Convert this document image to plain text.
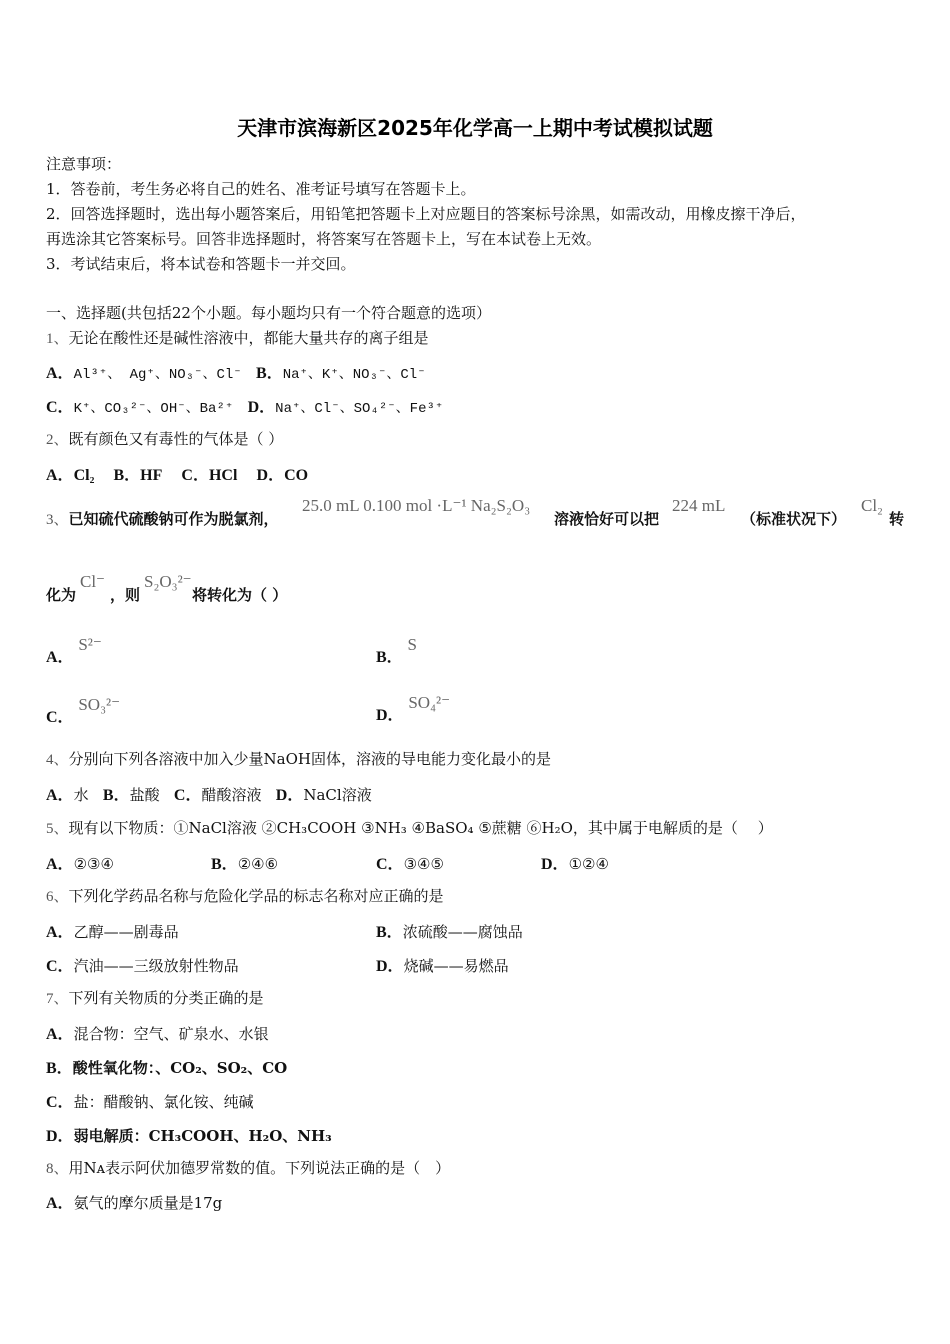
天津市滨海新区2025年化学高一上期中考试模拟试题
注意事项：
1．答卷前，考生务必将自己的姓名、准考证号填写在答题卡上。
2．回答选择题时，选出每小题答案后，用铅笔把答题卡上对应题目的答案标号涂黑，如需改动，用橡皮擦干净后，
再选涂其它答案标号。回答非选择题时，将答案写在答题卡上，写在本试卷上无效。
3．考试结束后，将本试卷和答题卡一并交回。
一、选择题(共包括22个小题。每小题均只有一个符合题意的选项）
1、无论在酸性还是碱性溶液中，都能大量共存的离子组是
A．Al³⁺、 Ag⁺、NO₃⁻、Cl⁻ B．Na⁺、K⁺、NO₃⁻、Cl⁻
C．K⁺、CO₃²⁻、OH⁻、Ba²⁺ D．Na⁺、Cl⁻、SO₄²⁻、Fe³⁺
2、既有颜色又有毒性的气体是（ ）
A．Cl₂ B．HF C．HCl D．CO
3、已知硫代硫酸钠可作为脱氯剂，
25.0 mL 0.100 mol ·L⁻¹ Na₂S₂O₃
溶液恰好可以把
224 mL
（标准状况下）
Cl₂
转
化为
Cl⁻
，则
S₂O₃²⁻
将转化为（ ）
A． S²⁻
B． S
C． SO₃²⁻
D． SO₄²⁻
4、分别向下列各溶液中加入少量NaOH固体，溶液的导电能力变化最小的是
A．水 B．盐酸 C．醋酸溶液 D．NaCl溶液
5、现有以下物质：①NaCl溶液 ②CH₃COOH ③NH₃ ④BaSO₄ ⑤蔗糖 ⑥H₂O，其中属于电解质的是（　 ）
A．②③④	B．②④⑥	C．③④⑤	D．①②④
6、下列化学药品名称与危险化学品的标志名称对应正确的是
A．乙醇——剧毒品	B．浓硫酸——腐蚀品
C．汽油——三级放射性物品	D．烧碱——易燃品
7、下列有关物质的分类正确的是
A．混合物：空气、矿泉水、水银
B．酸性氧化物：、CO₂、SO₂、CO
C．盐：醋酸钠、氯化铵、纯碱
D．弱电解质：CH₃COOH、H₂O、NH₃
8、用Nᴀ表示阿伏加德罗常数的值。下列说法正确的是（　）
A．氨气的摩尔质量是17g
